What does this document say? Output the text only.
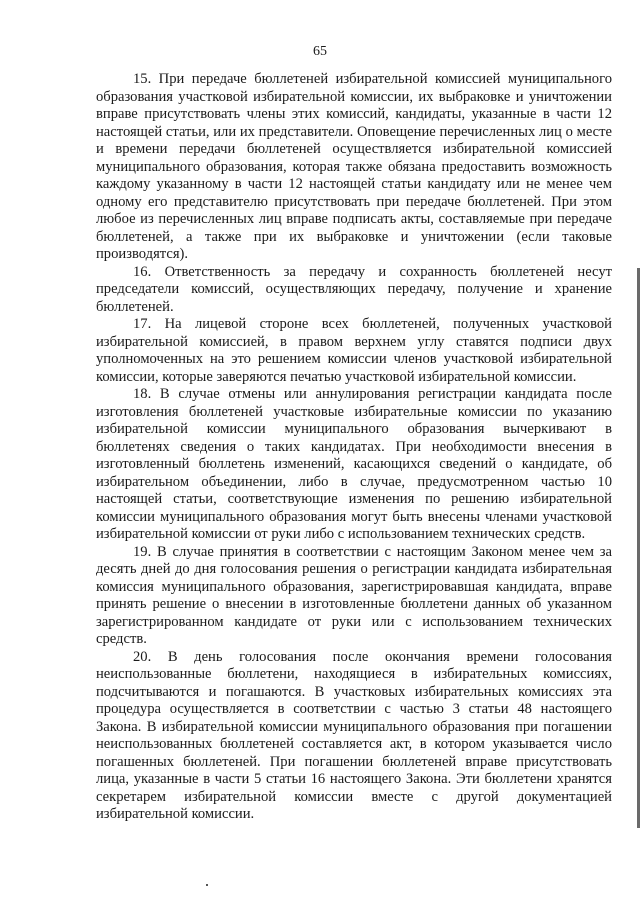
65

15. При передаче бюллетеней избирательной комиссией муниципального образования участковой избирательной комиссии, их выбраковке и уничтожении вправе присутствовать члены этих комиссий, кандидаты, указанные в части 12 настоящей статьи, или их представители. Оповещение перечисленных лиц о месте и времени передачи бюллетеней осуществляется избирательной комиссией муниципального образования, которая также обязана предоставить возможность каждому указанному в части 12 настоящей статьи кандидату или не менее чем одному его представителю присутствовать при передаче бюллетеней. При этом любое из перечисленных лиц вправе подписать акты, составляемые при передаче бюллетеней, а также при их выбраковке и уничтожении (если таковые производятся).

16. Ответственность за передачу и сохранность бюллетеней несут председатели комиссий, осуществляющих передачу, получение и хранение бюллетеней.

17. На лицевой стороне всех бюллетеней, полученных участковой избирательной комиссией, в правом верхнем углу ставятся подписи двух уполномоченных на это решением комиссии членов участковой избирательной комиссии, которые заверяются печатью участковой избирательной комиссии.

18. В случае отмены или аннулирования регистрации кандидата после изготовления бюллетеней участковые избирательные комиссии по указанию избирательной комиссии муниципального образования вычеркивают в бюллетенях сведения о таких кандидатах. При необходимости внесения в изготовленный бюллетень изменений, касающихся сведений о кандидате, об избирательном объединении, либо в случае, предусмотренном частью 10 настоящей статьи, соответствующие изменения по решению избирательной комиссии муниципального образования могут быть внесены членами участковой избирательной комиссии от руки либо с использованием технических средств.

19. В случае принятия в соответствии с настоящим Законом менее чем за десять дней до дня голосования решения о регистрации кандидата избирательная комиссия муниципального образования, зарегистрировавшая кандидата, вправе принять решение о внесении в изготовленные бюллетени данных об указанном зарегистрированном кандидате от руки или с использованием технических средств.

20. В день голосования после окончания времени голосования неиспользованные бюллетени, находящиеся в избирательных комиссиях, подсчитываются и погашаются. В участковых избирательных комиссиях эта процедура осуществляется в соответствии с частью 3 статьи 48 настоящего Закона. В избирательной комиссии муниципального образования при погашении неиспользованных бюллетеней составляется акт, в котором указывается число погашенных бюллетеней. При погашении бюллетеней вправе присутствовать лица, указанные в части 5 статьи 16 настоящего Закона. Эти бюллетени хранятся секретарем избирательной комиссии вместе с другой документацией избирательной комиссии.
